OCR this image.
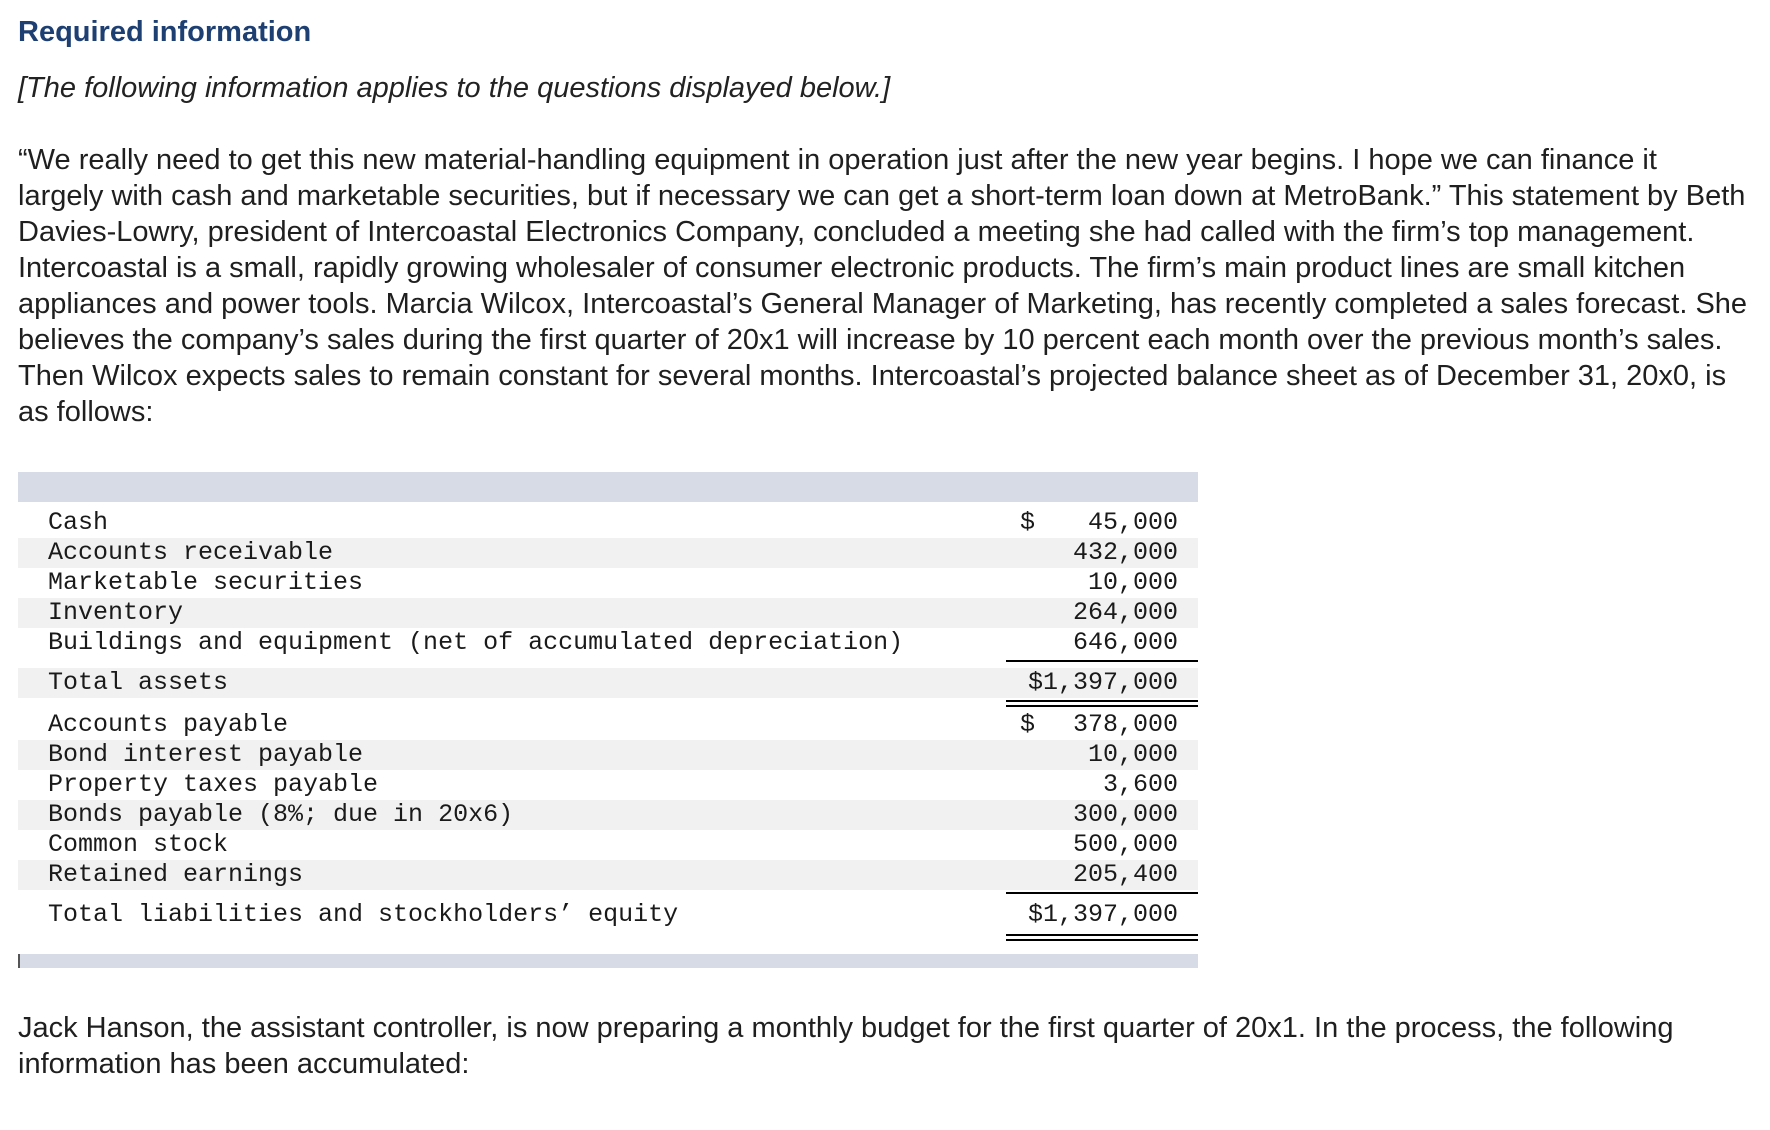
Required information

[The following information applies to the questions displayed below.]

“We really need to get this new material-handling equipment in operation just after the new year begins. I hope we can finance it largely with cash and marketable securities, but if necessary we can get a short-term loan down at MetroBank.” This statement by Beth Davies-Lowry, president of Intercoastal Electronics Company, concluded a meeting she had called with the firm’s top management. Intercoastal is a small, rapidly growing wholesaler of consumer electronic products. The firm’s main product lines are small kitchen appliances and power tools. Marcia Wilcox, Intercoastal’s General Manager of Marketing, has recently completed a sales forecast. She believes the company’s sales during the first quarter of 20x1 will increase by 10 percent each month over the previous month’s sales. Then Wilcox expects sales to remain constant for several months. Intercoastal’s projected balance sheet as of December 31, 20x0, is as follows:

Cash	$ 45,000
Accounts receivable	432,000
Marketable securities	10,000
Inventory	264,000
Buildings and equipment (net of accumulated depreciation)	646,000
Total assets	$1,397,000
Accounts payable	$ 378,000
Bond interest payable	10,000
Property taxes payable	3,600
Bonds payable (8%; due in 20x6)	300,000
Common stock	500,000
Retained earnings	205,400
Total liabilities and stockholders’ equity	$1,397,000

Jack Hanson, the assistant controller, is now preparing a monthly budget for the first quarter of 20x1. In the process, the following information has been accumulated:
